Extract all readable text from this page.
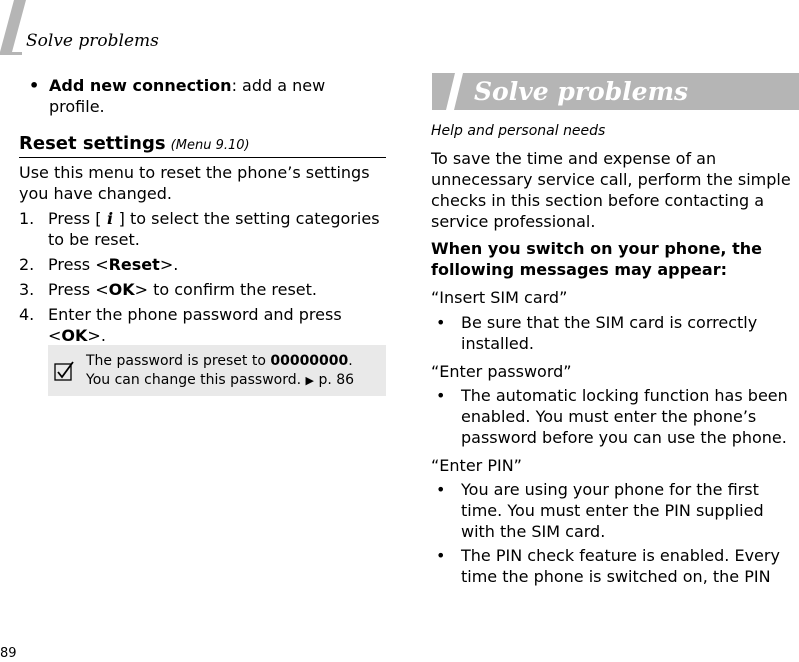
Solve problems
• Add new connection: add a new profile.
Reset settings (Menu 9.10)
Use this menu to reset the phone’s settings you have changed.
1. Press [ i ] to select the setting categories to be reset.
2. Press <Reset>.
3. Press <OK> to confirm the reset.
4. Enter the phone password and press <OK>.
The password is preset to 00000000.
You can change this password. ▶ p. 86
Solve problems
Help and personal needs
To save the time and expense of an unnecessary service call, perform the simple checks in this section before contacting a service professional.
When you switch on your phone, the following messages may appear:
“Insert SIM card”
• Be sure that the SIM card is correctly installed.
“Enter password”
• The automatic locking function has been enabled. You must enter the phone’s password before you can use the phone.
“Enter PIN”
• You are using your phone for the first time. You must enter the PIN supplied with the SIM card.
• The PIN check feature is enabled. Every time the phone is switched on, the PIN
89
